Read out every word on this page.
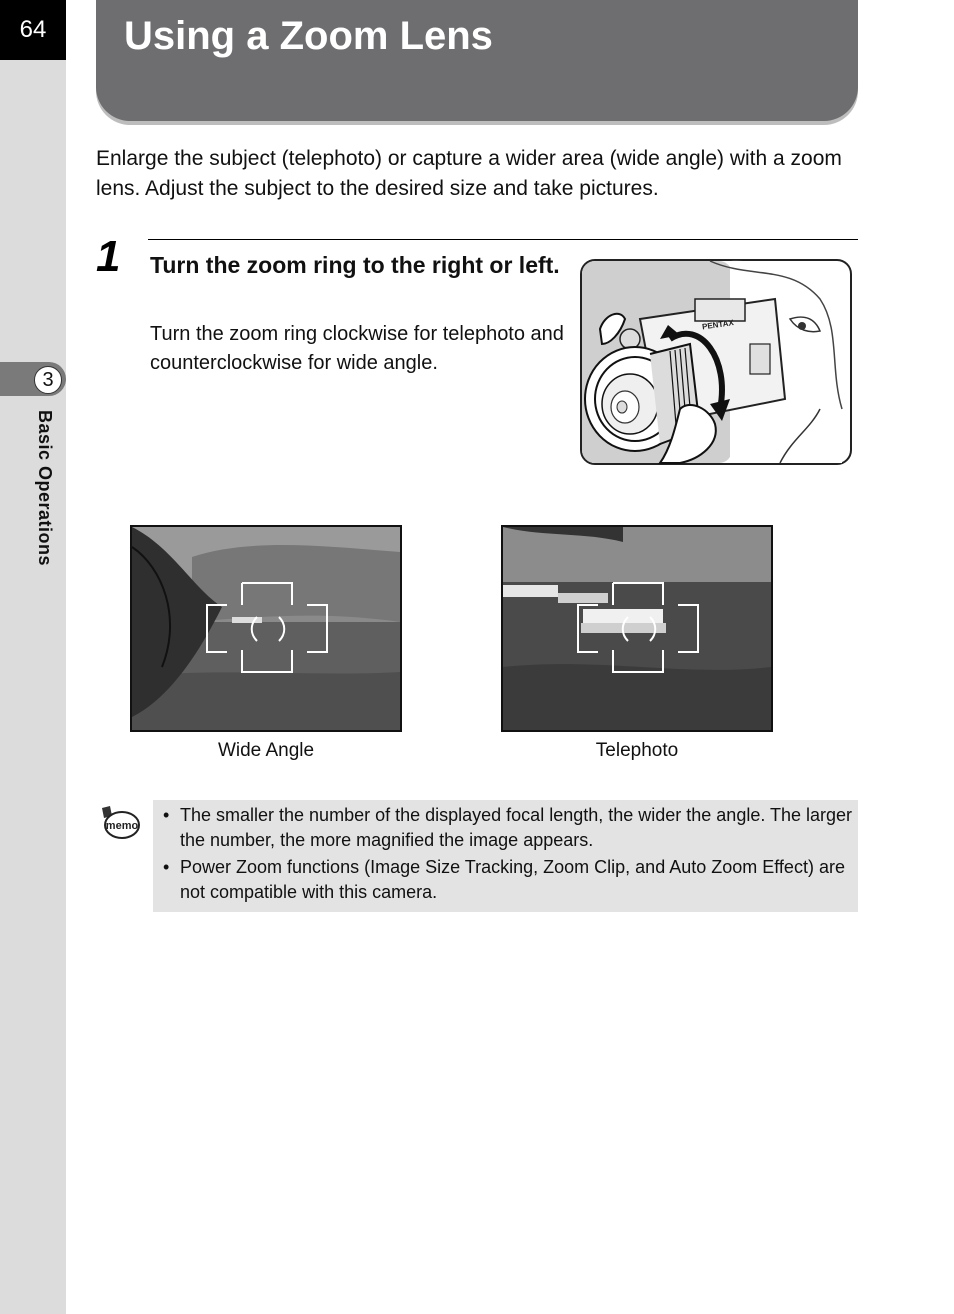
64
3
Basic Operations
Using a Zoom Lens

Enlarge the subject (telephoto) or capture a wider area (wide angle) with a zoom lens. Adjust the subject to the desired size and take pictures.

1 Turn the zoom ring to the right or left.

Turn the zoom ring clockwise for telephoto and counterclockwise for wide angle.

PENTAX
Wide Angle	Telephoto
memo
• The smaller the number of the displayed focal length, the wider the angle. The larger the number, the more magnified the image appears.
• Power Zoom functions (Image Size Tracking, Zoom Clip, and Auto Zoom Effect) are not compatible with this camera.
